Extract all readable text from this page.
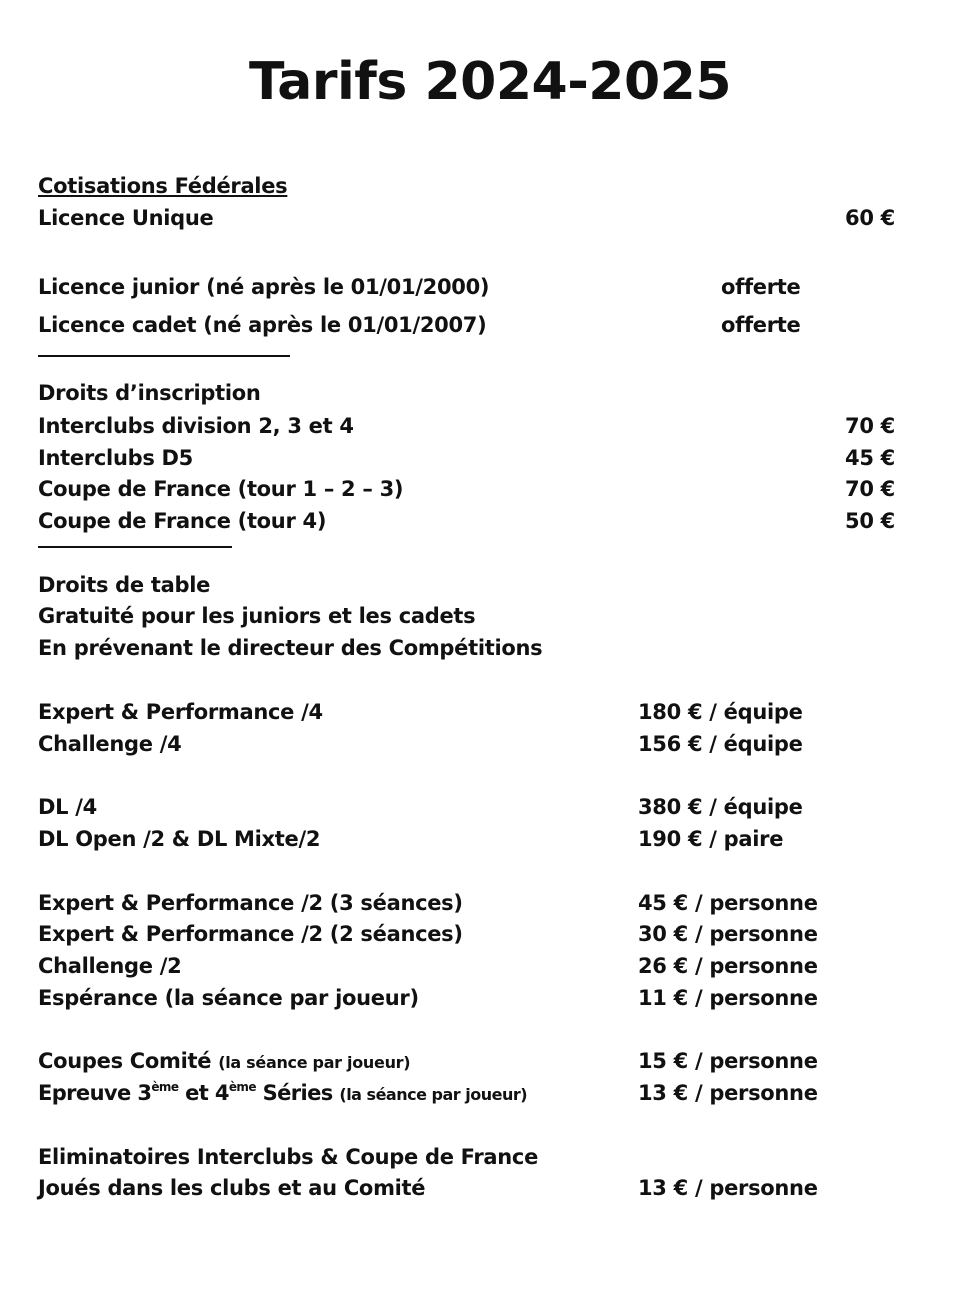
Tarifs 2024-2025
Cotisations Fédérales
Licence Unique	60 €
Licence junior (né après le 01/01/2000)	offerte
Licence cadet (né après le 01/01/2007)	offerte
Droits d’inscription
Interclubs division 2, 3 et 4	70 €
Interclubs D5	45 €
Coupe de France (tour 1 – 2 – 3)	70 €
Coupe de France (tour 4)	50 €
Droits de table
Gratuité pour les juniors et les cadets
En prévenant le directeur des Compétitions
Expert & Performance /4	180 € / équipe
Challenge /4	156 € / équipe
DL /4	380 € / équipe
DL Open /2 & DL Mixte/2	190 € / paire
Expert & Performance /2 (3 séances)	45 € / personne
Expert & Performance /2 (2 séances)	30 € / personne
Challenge /2	26 € / personne
Espérance (la séance par joueur)	11 € / personne
Coupes Comité (la séance par joueur)	15 € / personne
Epreuve 3ème et 4ème Séries (la séance par joueur)	13 € / personne
Eliminatoires Interclubs & Coupe de France
Joués dans les clubs et au Comité	13 € / personne
